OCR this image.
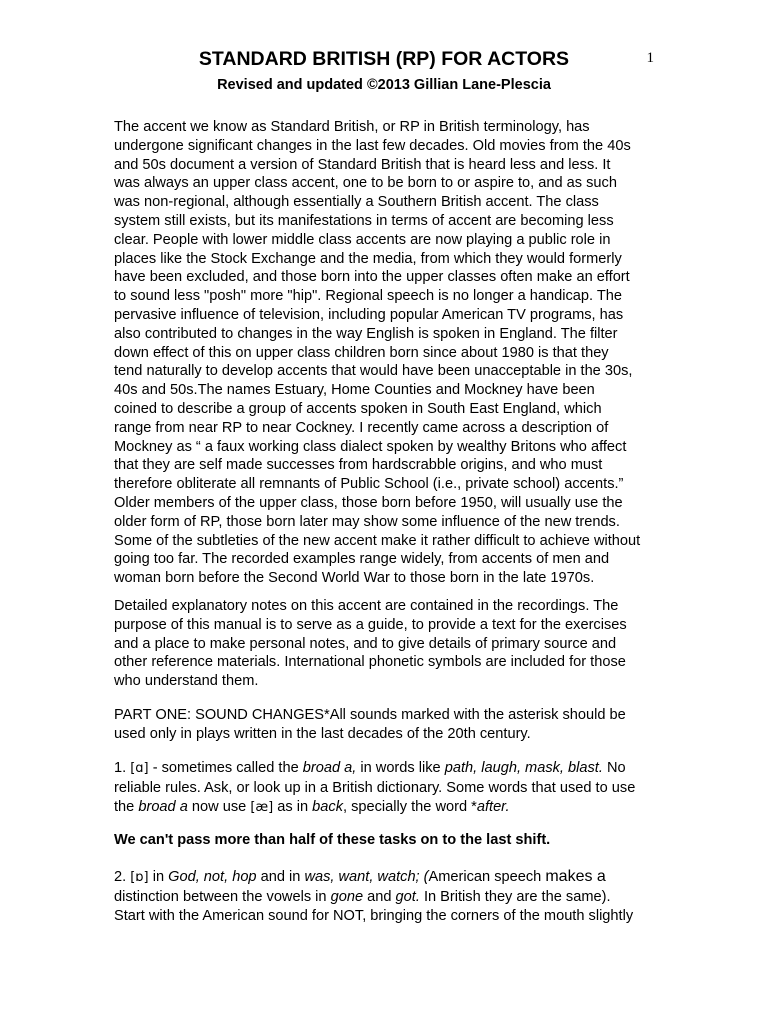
1
STANDARD BRITISH (RP) FOR ACTORS

Revised and updated ©2013 Gillian Lane-Plescia

The accent we know as Standard British, or RP in British terminology, has
undergone significant changes in the last few decades. Old movies from the 40s
and 50s document a version of Standard British that is heard less and less. It
was always an upper class accent, one to be born to or aspire to, and as such
was non-regional, although essentially a Southern British accent. The class
system still exists, but its manifestations in terms of accent are becoming less
clear. People with lower middle class accents are now playing a public role in
places like the Stock Exchange and the media, from which they would formerly
have been excluded, and those born into the upper classes often make an effort
to sound less "posh" more "hip". Regional speech is no longer a handicap. The
pervasive influence of television, including popular American TV programs, has
also contributed to changes in the way English is spoken in England. The filter
down effect of this on upper class children born since about 1980 is that they
tend naturally to develop accents that would have been unacceptable in the 30s,
40s and 50s.The names Estuary, Home Counties and Mockney have been
coined to describe a group of accents spoken in South East England, which
range from near RP to near Cockney. I recently came across a description of
Mockney as “ a faux working class dialect spoken by wealthy Britons who affect
that they are self made successes from hardscrabble origins, and who must
therefore obliterate all remnants of Public School (i.e., private school) accents.”
Older members of the upper class, those born before 1950, will usually use the
older form of RP, those born later may show some influence of the new trends.
Some of the subtleties of the new accent make it rather difficult to achieve without
going too far. The recorded examples range widely, from accents of men and
woman born before the Second World War to those born in the late 1970s.
Detailed explanatory notes on this accent are contained in the recordings. The
purpose of this manual is to serve as a guide, to provide a text for the exercises
and a place to make personal notes, and to give details of primary source and
other reference materials. International phonetic symbols are included for those
who understand them.
PART ONE: SOUND CHANGES*All sounds marked with the asterisk should be
used only in plays written in the last decades of the 20th century.
1. [ɑ] - sometimes called the broad a, in words like path, laugh, mask, blast. No
reliable rules. Ask, or look up in a British dictionary. Some words that used to use
the broad a now use [æ] as in back, specially the word *after.
We can't pass more than half of these tasks on to the last shift.
2. [ɒ] in God, not, hop and in was, want, watch; (American speech makes a
distinction between the vowels in gone and got. In British they are the same).
Start with the American sound for NOT, bringing the corners of the mouth slightly
